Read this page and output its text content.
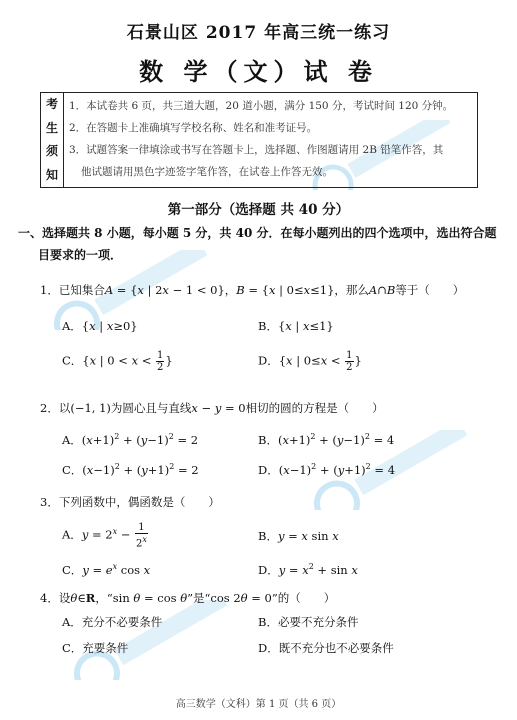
石景山区 2017 年高三统一练习
数 学（文）试 卷
考
生
须
知
1．本试卷共 6 页，共三道大题，20 道小题，满分 150 分，考试时间 120 分钟。
2．在答题卡上准确填写学校名称、姓名和准考证号。
3．试题答案一律填涂或书写在答题卡上，选择题、作图题请用 2B 铅笔作答，其
他试题请用黑色字迹签字笔作答，在试卷上作答无效。
第一部分（选择题 共 40 分）
一、选择题共 8 小题，每小题 5 分，共 40 分．在每小题列出的四个选项中，选出符合题
目要求的一项．
1．已知集合A = {x | 2x − 1 < 0}，B = {x | 0≤x≤1}，那么A∩B等于（　　）
A．{x | x≥0}	B．{x | x≤1}
C．{x | $0 < x < \frac{1}{2}$ }	D．{x | $0\le x < \frac{1}{2}$ }
2．以(−1, 1)为圆心且与直线x − y = 0相切的圆的方程是（　　）
A．$(x+1)^2 + (y-1)^2 = 2$	B．$(x+1)^2 + (y-1)^2 = 4$
C．$(x-1)^2 + (y+1)^2 = 2$	D．$(x-1)^2 + (y+1)^2 = 4$
3．下列函数中，偶函数是（　　）
A．$y = 2^x - \frac{1}{2^x}$	B．y = x sin x
C．$y = e^x$ cos x	D．$y = x^2 + \sin x$
4．设θ∈R，“sin θ = cos θ”是“cos 2θ = 0”的（　　）
A．充分不必要条件	B．必要不充分条件
C．充要条件	D．既不充分也不必要条件
高三数学（文科）第 1 页（共 6 页）
